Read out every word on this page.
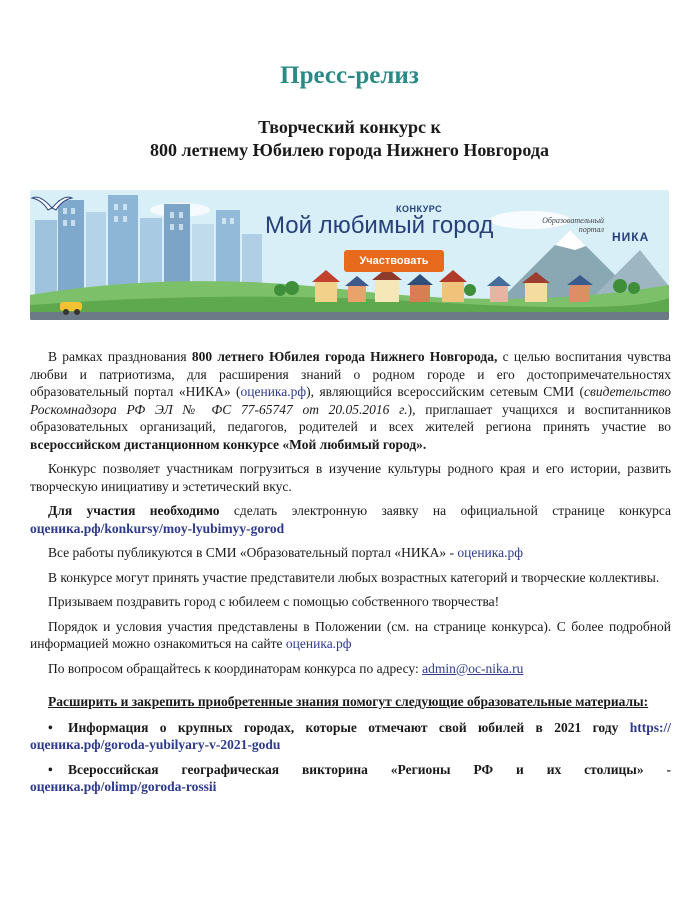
Пресс-релиз
Творческий конкурс к
800 летнему Юбилею города Нижнего Новгорода
КОНКУРС
Мой любимый город
Участвовать
Образовательный
портал
НИКА

В рамках празднования 800 летнего Юбилея города Нижнего Новгорода, с целью воспитания чувства любви и патриотизма, для расширения знаний о родном городе и его достопримечательностях образовательный портал «НИКА» (оценика.рф), являющийся всероссийским сетевым СМИ (свидетельство Роскомнадзора РФ ЭЛ № ФС 77-65747 от 20.05.2016 г.), приглашает учащихся и воспитанников образовательных организаций, педагогов, родителей и всех жителей региона принять участие во всероссийском дистанционном конкурсе «Мой любимый город».

Конкурс позволяет участникам погрузиться в изучение культуры родного края и его истории, развить творческую инициативу и эстетический вкус.

Для участия необходимо сделать электронную заявку на официальной странице конкурса оценика.рф/konkursy/moy-lyubimyy-gorod

Все работы публикуются в СМИ «Образовательный портал «НИКА» - оценика.рф

В конкурсе могут принять участие представители любых возрастных категорий и творческие коллективы.

Призываем поздравить город с юбилеем с помощью собственного творчества!

Порядок и условия участия представлены в Положении (см. на странице конкурса). С более подробной информацией можно ознакомиться на сайте оценика.рф

По вопросом обращайтесь к координаторам конкурса по адресу: admin@oc-nika.ru

Расширить и закрепить приобретенные знания помогут следующие образовательные материалы:

• Информация о крупных городах, которые отмечают свой юбилей в 2021 году https://оценика.рф/goroda-yubilyary-v-2021-godu
• Всероссийская географическая викторина «Регионы РФ и их столицы» - оценика.рф/olimp/goroda-rossii
